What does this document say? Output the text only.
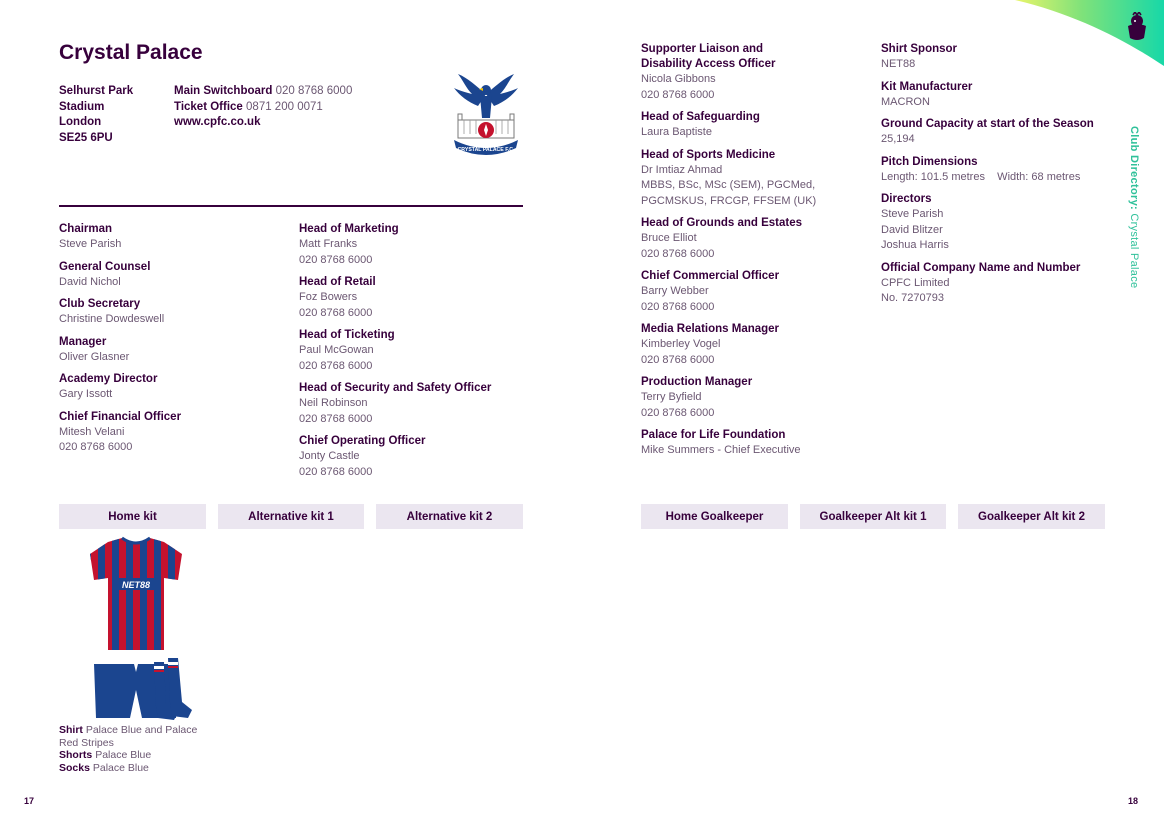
Crystal Palace
Selhurst Park
Stadium
London
SE25 6PU
Main Switchboard 020 8768 6000
Ticket Office 0871 200 0071
www.cpfc.co.uk
CRYSTAL PALACE F.C.
Chairman
Steve Parish
General Counsel
David Nichol
Club Secretary
Christine Dowdeswell
Manager
Oliver Glasner
Academy Director
Gary Issott
Chief Financial Officer
Mitesh Velani
020 8768 6000
Head of Marketing
Matt Franks
020 8768 6000
Head of Retail
Foz Bowers
020 8768 6000
Head of Ticketing
Paul McGowan
020 8768 6000
Head of Security and Safety Officer
Neil Robinson
020 8768 6000
Chief Operating Officer
Jonty Castle
020 8768 6000
Supporter Liaison and Disability Access Officer
Nicola Gibbons
020 8768 6000
Head of Safeguarding
Laura Baptiste
Head of Sports Medicine
Dr Imtiaz Ahmad
MBBS, BSc, MSc (SEM), PGCMed,
PGCMSKUS, FRCGP, FFSEM (UK)
Head of Grounds and Estates
Bruce Elliot
020 8768 6000
Chief Commercial Officer
Barry Webber
020 8768 6000
Media Relations Manager
Kimberley Vogel
020 8768 6000
Production Manager
Terry Byfield
020 8768 6000
Palace for Life Foundation
Mike Summers - Chief Executive
Shirt Sponsor
NET88
Kit Manufacturer
MACRON
Ground Capacity at start of the Season
25,194
Pitch Dimensions
Length: 101.5 metres    Width: 68 metres
Directors
Steve Parish
David Blitzer
Joshua Harris
Official Company Name and Number
CPFC Limited
No. 7270793
Club Directory: Crystal Palace
Home kit	Alternative kit 1	Alternative kit 2	Home Goalkeeper	Goalkeeper Alt kit 1	Goalkeeper Alt kit 2
NET88
Shirt Palace Blue and Palace Red Stripes
Shorts Palace Blue
Socks Palace Blue
17	18
